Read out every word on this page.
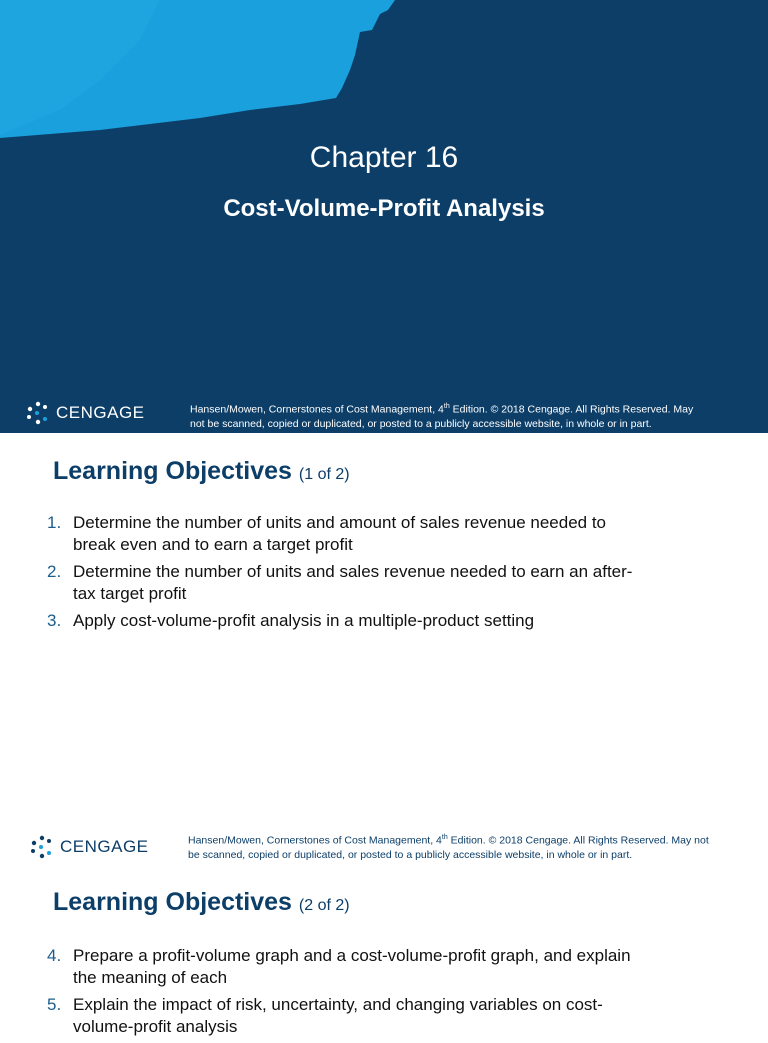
Chapter 16
Cost-Volume-Profit Analysis
CENGAGE	Hansen/Mowen, Cornerstones of Cost Management, 4th Edition. © 2018 Cengage. All Rights Reserved. May
not be scanned, copied or duplicated, or posted to a publicly accessible website, in whole or in part.
Learning Objectives (1 of 2)
1. Determine the number of units and amount of sales revenue needed to
break even and to earn a target profit
2. Determine the number of units and sales revenue needed to earn an after-
tax target profit
3. Apply cost-volume-profit analysis in a multiple-product setting
CENGAGE	Hansen/Mowen, Cornerstones of Cost Management, 4th Edition. © 2018 Cengage. All Rights Reserved. May not
be scanned, copied or duplicated, or posted to a publicly accessible website, in whole or in part.
Learning Objectives (2 of 2)
4. Prepare a profit-volume graph and a cost-volume-profit graph, and explain
the meaning of each
5. Explain the impact of risk, uncertainty, and changing variables on cost-
volume-profit analysis
